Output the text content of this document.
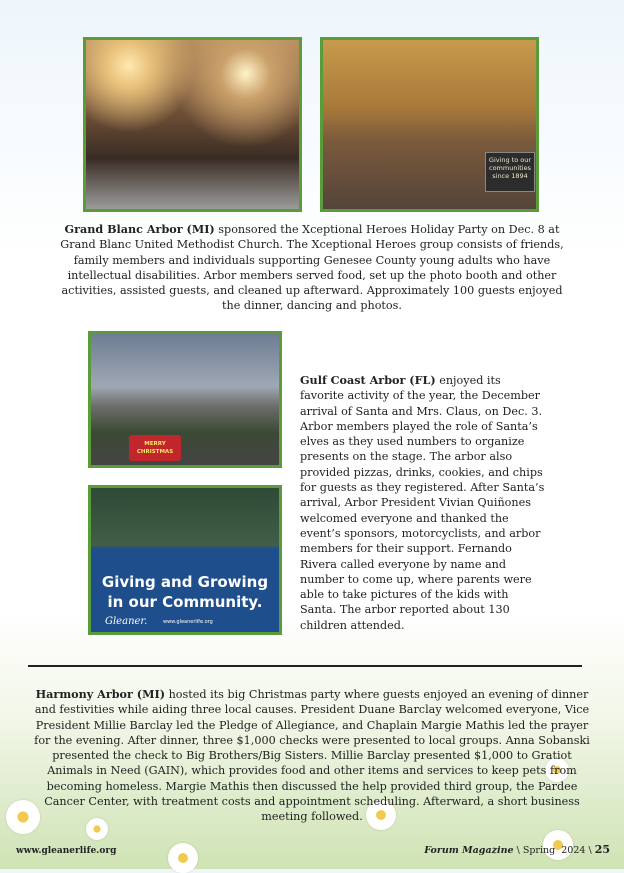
Giving to our communities since 1894
Grand Blanc Arbor (MI) sponsored the Xceptional Heroes Holiday Party on Dec. 8 at Grand Blanc United Methodist Church. The Xceptional Heroes group consists of friends, family members and individuals supporting Genesee County young adults who have intellectual disabilities. Arbor members served food, set up the photo booth and other activities, assisted guests, and cleaned up afterward. Approximately 100 guests enjoyed the dinner, dancing and photos.
MERRY CHRISTMAS
Giving and Growing
in our Community.
Gleaner.	www.gleanerlife.org
Gulf Coast Arbor (FL) enjoyed its favorite activity of the year, the December arrival of Santa and Mrs. Claus, on Dec. 3. Arbor members played the role of Santa’s elves as they used numbers to organize presents on the stage. The arbor also provided pizzas, drinks, cookies, and chips for guests as they registered. After Santa’s arrival, Arbor President Vivian Quiñones welcomed everyone and thanked the event’s sponsors, motorcyclists, and arbor members for their support. Fernando Rivera called everyone by name and number to come up, where parents were able to take pictures of the kids with Santa. The arbor reported about 130 children attended.
Harmony Arbor (MI) hosted its big Christmas party where guests enjoyed an evening of dinner and festivities while aiding three local causes. President Duane Barclay welcomed everyone, Vice President Millie Barclay led the Pledge of Allegiance, and Chaplain Margie Mathis led the prayer for the evening. After dinner, three $1,000 checks were presented to local groups. Anna Sobanski presented the check to Big Brothers/Big Sisters. Millie Barclay presented $1,000 to Gratiot Animals in Need (GAIN), which provides food and other items and services to keep pets from becoming homeless. Margie Mathis then discussed the help provided third group, the Pardee Cancer Center, with treatment costs and appointment scheduling. Afterward, a short business meeting followed.
www.gleanerlife.org	Forum Magazine \ Spring  2024 \ 25
